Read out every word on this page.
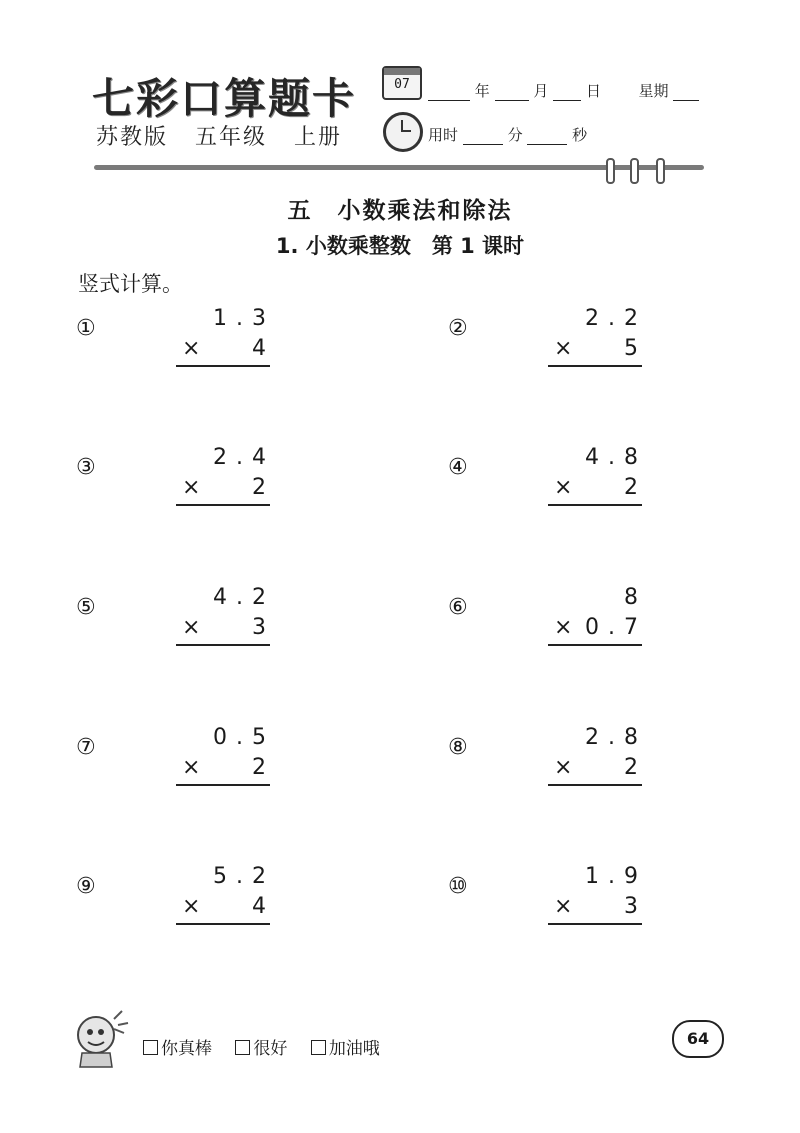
七彩口算题卡
苏教版 五年级 上册
07	年	月	日	星期
用时	分	秒
五　小数乘法和除法
1. 小数乘整数　第 1 课时
竖式计算。
①	1.3
× 4
②	2.2
× 5
③	2.4
× 2
④	4.8
× 2
⑤	4.2
× 3
⑥	8
× 0.7
⑦	0.5
× 2
⑧	2.8
× 2
⑨	5.2
× 4
⑩	1.9
× 3
你真棒 很好 加油哦
64
